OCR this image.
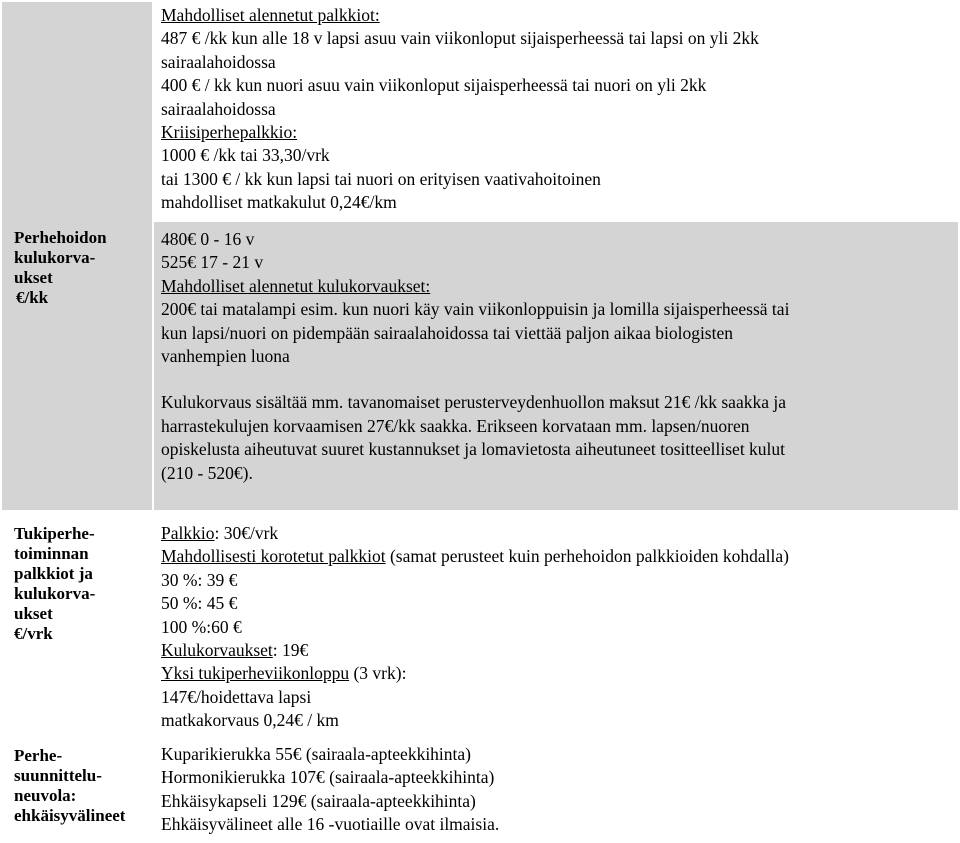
Perhehoidon
kulukorva-
ukset
€/kk
Mahdolliset alennetut palkkiot:
487 € /kk kun alle 18 v lapsi asuu vain viikonloput sijaisperheessä tai lapsi on yli 2kk
sairaalahoidossa
400 € / kk kun nuori asuu vain viikonloput sijaisperheessä tai nuori on yli 2kk
sairaalahoidossa
Kriisiperhepalkkio:
1000 € /kk tai 33,30/vrk
tai 1300 € / kk kun lapsi tai nuori on erityisen vaativahoitoinen
mahdolliset matkakulut 0,24€/km
480€ 0 - 16 v
525€ 17 - 21 v
Mahdolliset alennetut kulukorvaukset:
200€ tai matalampi esim. kun nuori käy vain viikonloppuisin ja lomilla sijaisperheessä tai
kun lapsi/nuori on pidempään sairaalahoidossa tai viettää paljon aikaa biologisten
vanhempien luona
Kulukorvaus sisältää mm. tavanomaiset perusterveydenhuollon maksut 21€ /kk saakka ja
harrastekulujen korvaamisen 27€/kk saakka. Erikseen korvataan mm. lapsen/nuoren
opiskelusta aiheutuvat suuret kustannukset ja lomavietosta aiheutuneet tositteelliset kulut
(210 - 520€).
Tukiperhe-
toiminnan
palkkiot ja
kulukorva-
ukset
€/vrk
Palkkio: 30€/vrk
Mahdollisesti korotetut palkkiot (samat perusteet kuin perhehoidon palkkioiden kohdalla)
30 %: 39 €
50 %: 45 €
100 %:60 €
Kulukorvaukset: 19€
Yksi tukiperheviikonloppu (3 vrk):
147€/hoidettava lapsi
matkakorvaus 0,24€ / km
Perhe-
suunnittelu-
neuvola:
ehkäisyvälineet
Kuparikierukka 55€ (sairaala-apteekkihinta)
Hormonikierukka 107€ (sairaala-apteekkihinta)
Ehkäisykapseli 129€ (sairaala-apteekkihinta)
Ehkäisyvälineet alle 16 -vuotiaille ovat ilmaisia.
